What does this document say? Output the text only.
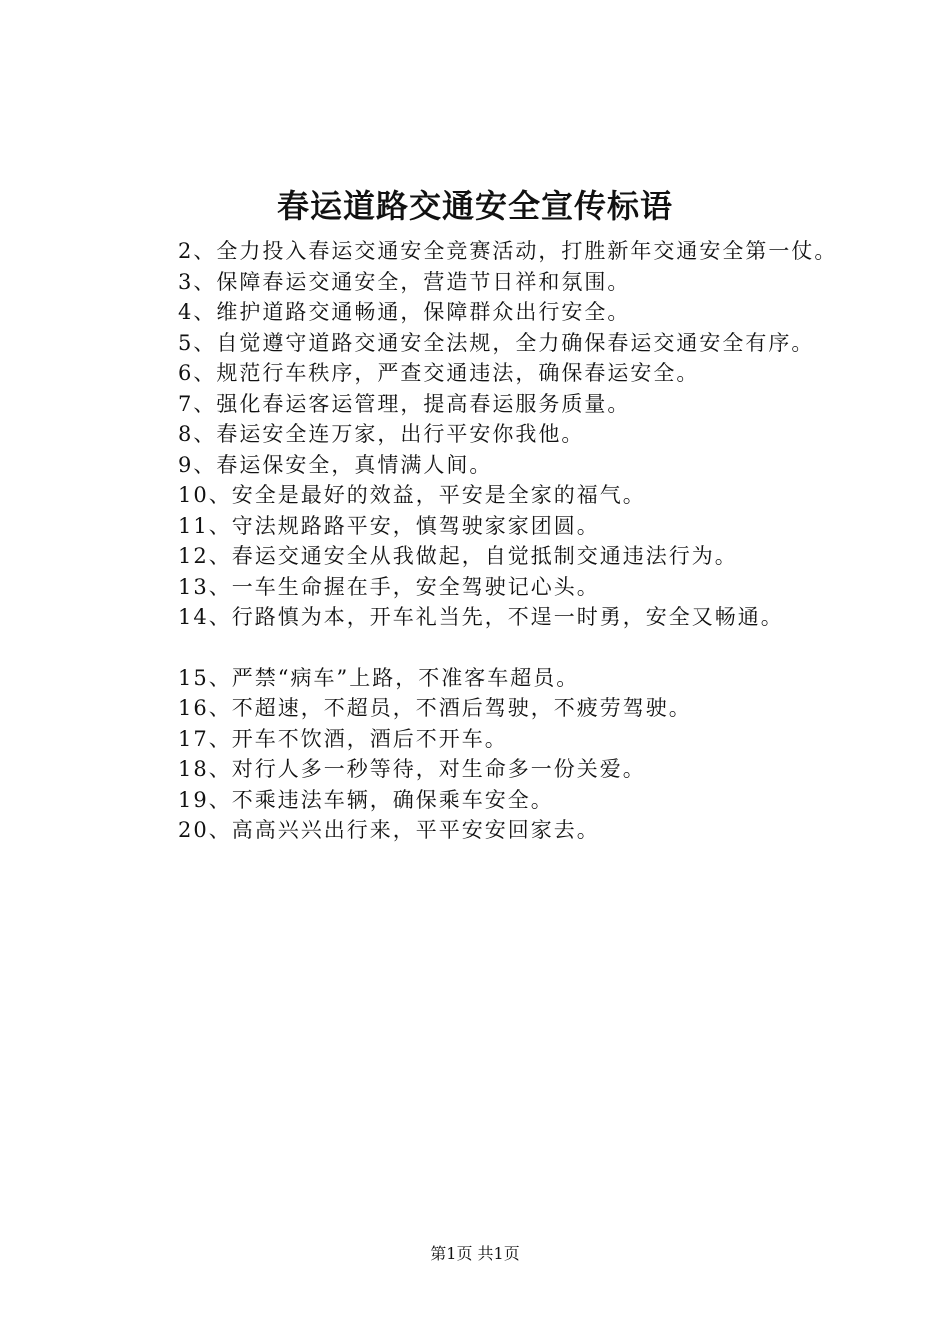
春运道路交通安全宣传标语

2、全力投入春运交通安全竞赛活动，打胜新年交通安全第一仗。

3、保障春运交通安全，营造节日祥和氛围。

4、维护道路交通畅通，保障群众出行安全。

5、自觉遵守道路交通安全法规，全力确保春运交通安全有序。

6、规范行车秩序，严查交通违法，确保春运安全。

7、强化春运客运管理，提高春运服务质量。

8、春运安全连万家，出行平安你我他。

9、春运保安全，真情满人间。

10、安全是最好的效益，平安是全家的福气。

11、守法规路路平安，慎驾驶家家团圆。

12、春运交通安全从我做起，自觉抵制交通违法行为。

13、一车生命握在手，安全驾驶记心头。

14、行路慎为本，开车礼当先，不逞一时勇，安全又畅通。

15、严禁“病车”上路，不准客车超员。

16、不超速，不超员，不酒后驾驶，不疲劳驾驶。

17、开车不饮酒，酒后不开车。

18、对行人多一秒等待，对生命多一份关爱。

19、不乘违法车辆，确保乘车安全。

20、高高兴兴出行来，平平安安回家去。

第1页 共1页
